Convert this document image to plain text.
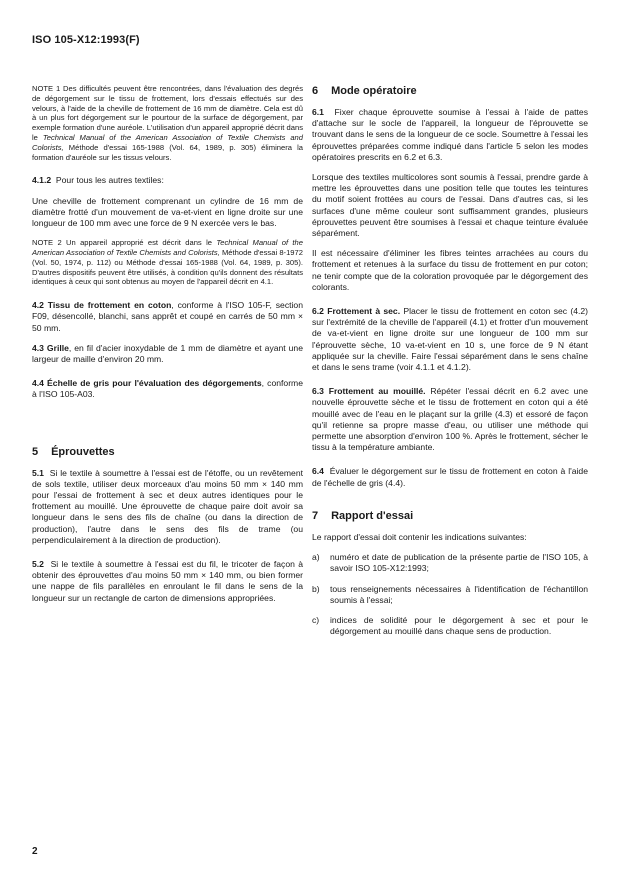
ISO 105-X12:1993(F)

NOTE 1 Des difficultés peuvent être rencontrées, dans l'évaluation des degrés de dégorgement sur le tissu de frottement, lors d'essais effectués sur des velours, à l'aide de la cheville de frottement de 16 mm de diamètre. Cela est dû à un plus fort dégorgement sur le pourtour de la surface de dégorgement, par exemple formation d'une auréole. L'utilisation d'un appareil approprié décrit dans le Technical Manual of the American Association of Textile Chemists and Colorists, Méthode d'essai 165-1988 (Vol. 64, 1989, p. 305) éliminera la formation d'auréole sur les tissus velours.

4.1.2 Pour tous les autres textiles:

Une cheville de frottement comprenant un cylindre de 16 mm de diamètre frotté d'un mouvement de va-et-vient en ligne droite sur une longueur de 100 mm avec une force de 9 N exercée vers le bas.

NOTE 2 Un appareil approprié est décrit dans le Technical Manual of the American Association of Textile Chemists and Colorists, Méthode d'essai 8-1972 (Vol. 50, 1974, p. 112) ou Méthode d'essai 165-1988 (Vol. 64, 1989, p. 305). D'autres dispositifs peuvent être utilisés, à condition qu'ils donnent des résultats identiques à ceux qui sont obtenus au moyen de l'appareil décrit en 4.1.

4.2 Tissu de frottement en coton, conforme à l'ISO 105-F, section F09, désencollé, blanchi, sans apprêt et coupé en carrés de 50 mm × 50 mm.

4.3 Grille, en fil d'acier inoxydable de 1 mm de diamètre et ayant une largeur de maille d'environ 20 mm.

4.4 Échelle de gris pour l'évaluation des dégorgements, conforme à l'ISO 105-A03.

5 Éprouvettes

5.1 Si le textile à soumettre à l'essai est de l'étoffe, ou un revêtement de sols textile, utiliser deux morceaux d'au moins 50 mm × 140 mm pour l'essai de frottement à sec et deux autres identiques pour le frottement au mouillé. Une éprouvette de chaque paire doit avoir sa longueur dans le sens des fils de chaîne (ou dans la direction de production), l'autre dans le sens des fils de trame (ou perpendiculairement à la direction de production).

5.2 Si le textile à soumettre à l'essai est du fil, le tricoter de façon à obtenir des éprouvettes d'au moins 50 mm × 140 mm, ou bien former une nappe de fils parallèles en enroulant le fil dans le sens de la longueur sur un rectangle de carton de dimensions appropriées.

6 Mode opératoire

6.1 Fixer chaque éprouvette soumise à l'essai à l'aide de pattes d'attache sur le socle de l'appareil, la longueur de l'éprouvette se trouvant dans le sens de la longueur de ce socle. Soumettre à l'essai les éprouvettes préparées comme indiqué dans l'article 5 selon les modes opératoires prescrits en 6.2 et 6.3.

Lorsque des textiles multicolores sont soumis à l'essai, prendre garde à mettre les éprouvettes dans une position telle que toutes les teintures du motif soient frottées au cours de l'essai. Dans d'autres cas, si les surfaces d'une même couleur sont suffisamment grandes, plusieurs éprouvettes peuvent être soumises à l'essai et chaque teinture évaluée séparément.

Il est nécessaire d'éliminer les fibres teintes arrachées au cours du frottement et retenues à la surface du tissu de frottement en pur coton; ne tenir compte que de la coloration provoquée par le dégorgement des colorants.

6.2 Frottement à sec. Placer le tissu de frottement en coton sec (4.2) sur l'extrémité de la cheville de l'appareil (4.1) et frotter d'un mouvement de va-et-vient en ligne droite sur une longueur de 100 mm sur l'éprouvette sèche, 10 va-et-vient en 10 s, une force de 9 N étant appliquée sur la cheville. Faire l'essai séparément dans le sens chaîne et dans le sens trame (voir 4.1.1 et 4.1.2).

6.3 Frottement au mouillé. Répéter l'essai décrit en 6.2 avec une nouvelle éprouvette sèche et le tissu de frottement en coton qui a été mouillé avec de l'eau en le plaçant sur la grille (4.3) et essoré de façon qu'il retienne sa propre masse d'eau, ou utiliser une méthode qui permette une absorption d'environ 100 %. Après le frottement, sécher le tissu à la température ambiante.

6.4 Évaluer le dégorgement sur le tissu de frottement en coton à l'aide de l'échelle de gris (4.4).

7 Rapport d'essai

Le rapport d'essai doit contenir les indications suivantes:

a)	numéro et date de publication de la présente partie de l'ISO 105, à savoir ISO 105-X12:1993;
b)	tous renseignements nécessaires à l'identification de l'échantillon soumis à l'essai;
c)	indices de solidité pour le dégorgement à sec et pour le dégorgement au mouillé dans chaque sens de production.
2
